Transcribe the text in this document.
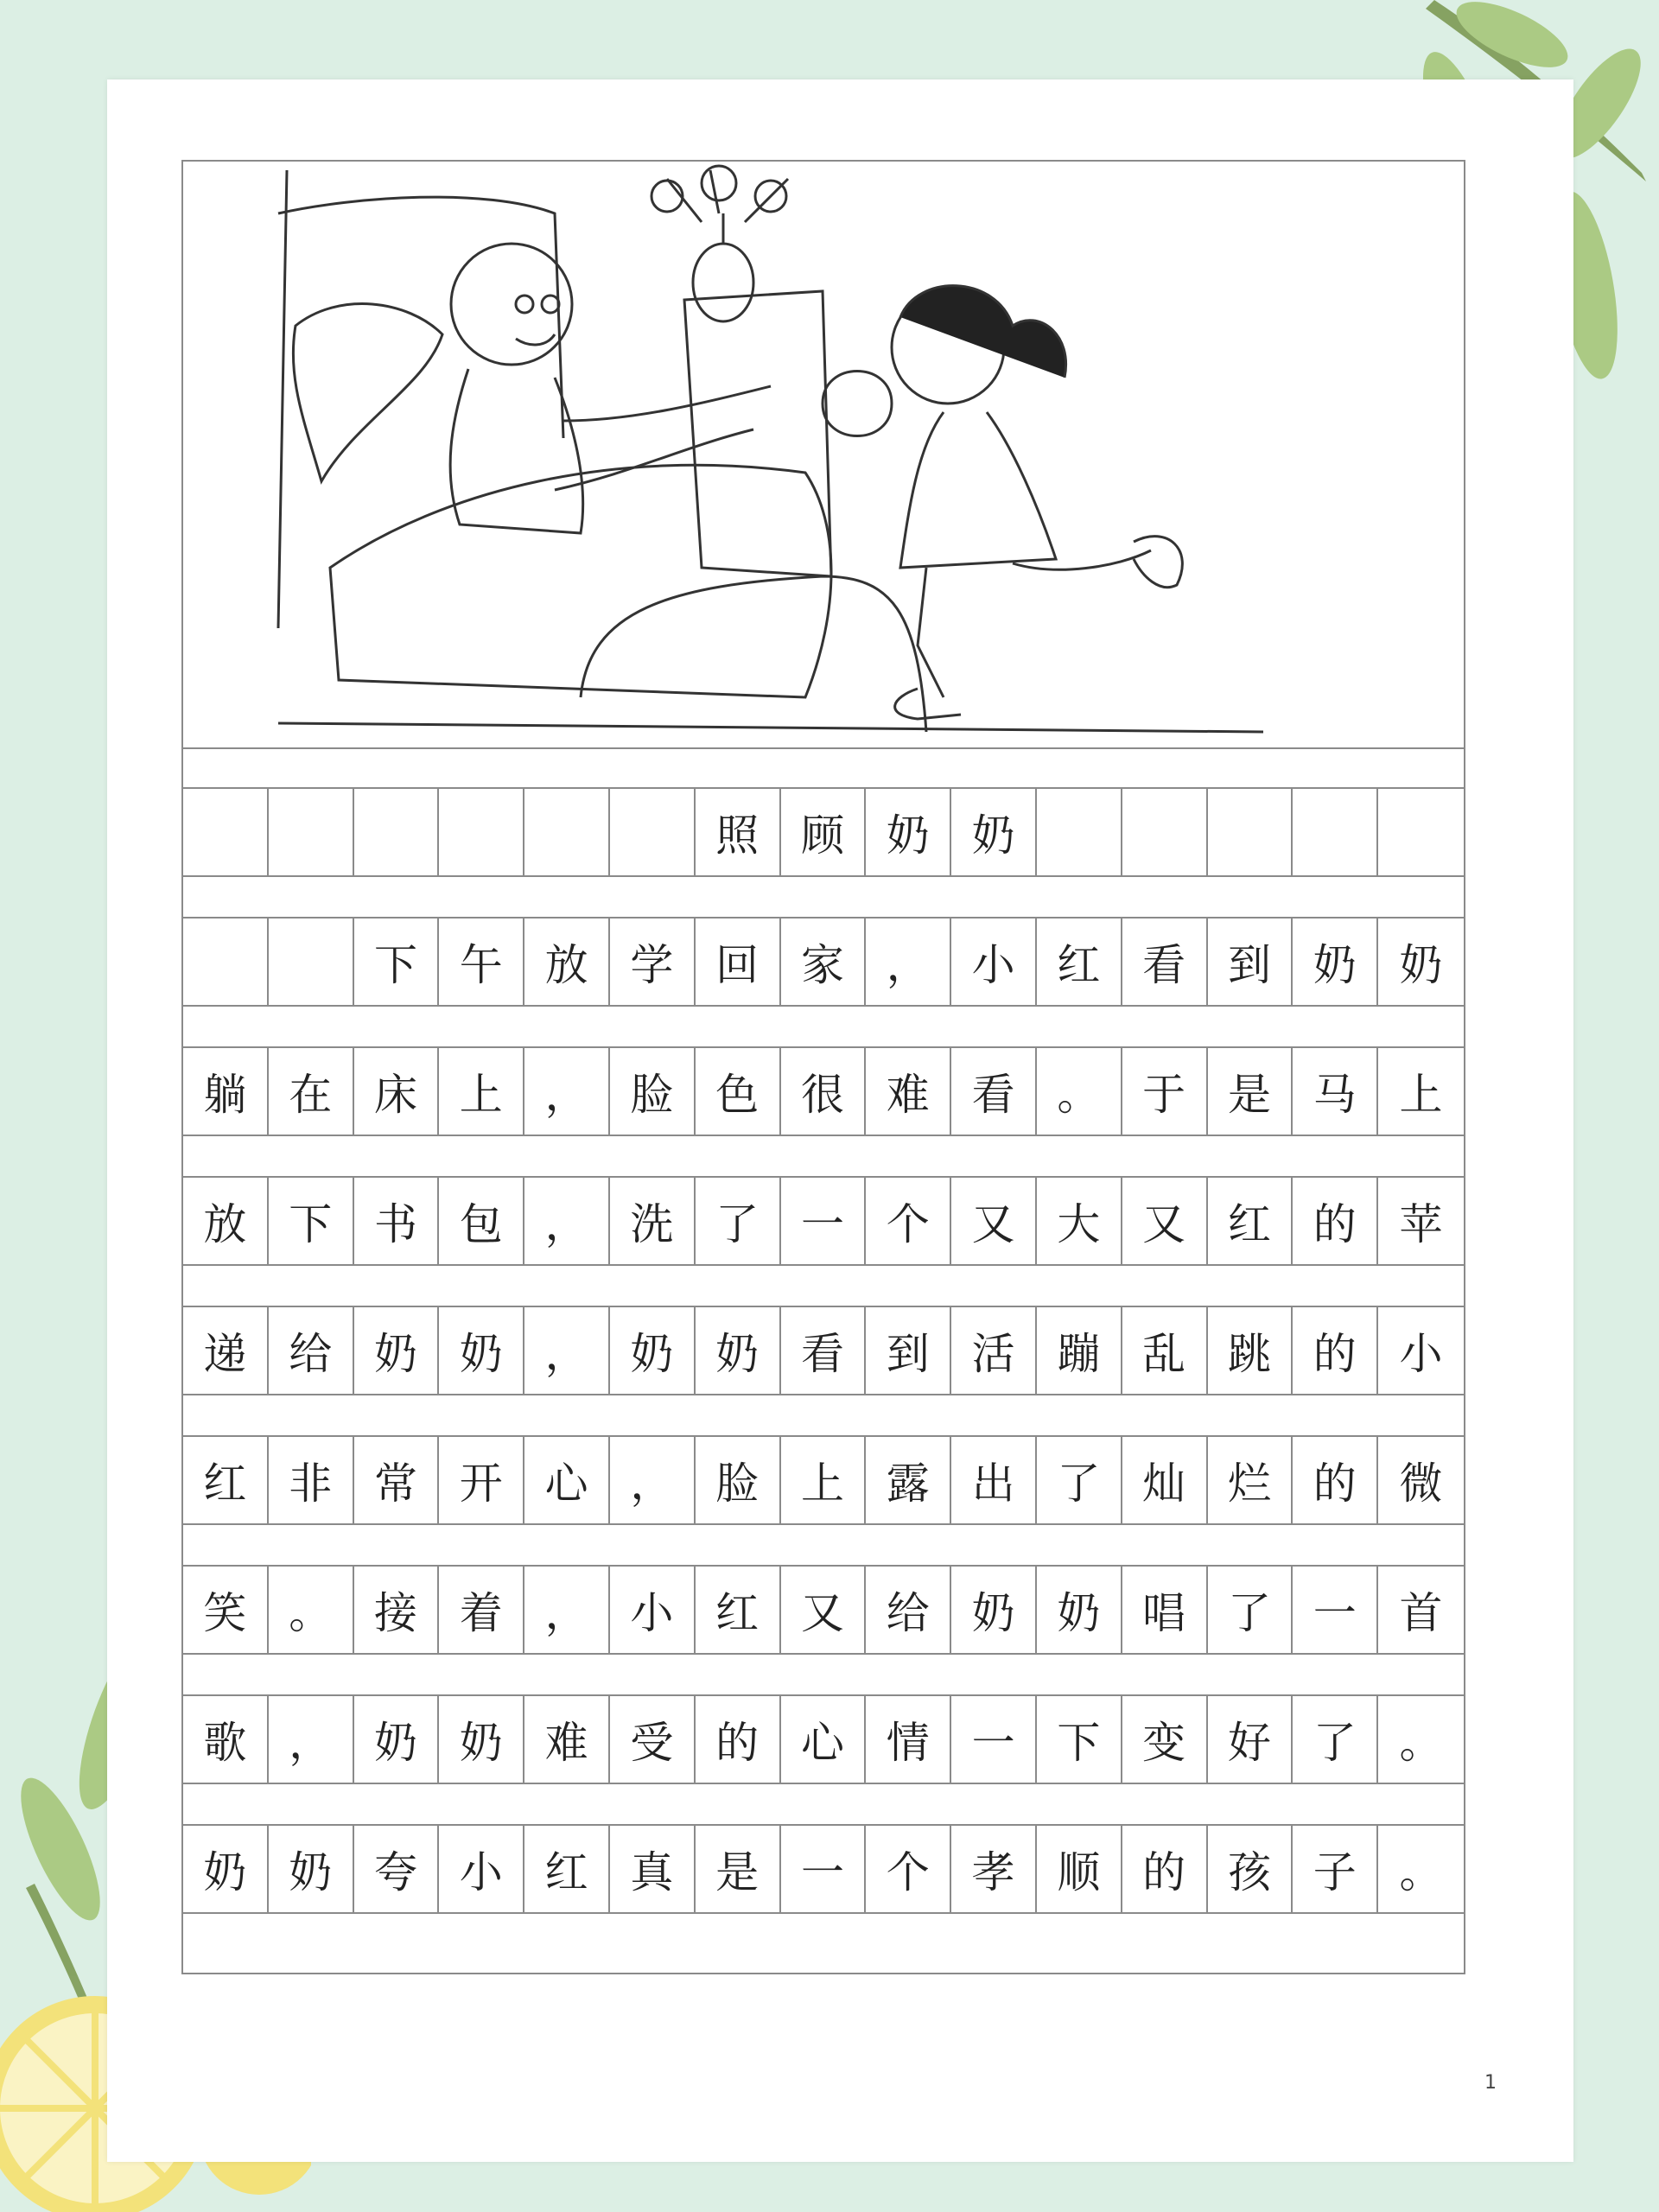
照 顾 奶 奶
下 午 放 学 回 家 ， 小 红 看 到 奶 奶
躺 在 床 上 ， 脸 色 很 难 看 。 于 是 马 上
放 下 书 包 ， 洗 了 一 个 又 大 又 红 的 苹
递 给 奶 奶 ， 奶 奶 看 到 活 蹦 乱 跳 的 小
红 非 常 开 心 ， 脸 上 露 出 了 灿 烂 的 微
笑 。 接 着 ， 小 红 又 给 奶 奶 唱 了 一 首
歌 ， 奶 奶 难 受 的 心 情 一 下 变 好 了 。
奶 奶 夸 小 红 真 是 一 个 孝 顺 的 孩 子 。
1
